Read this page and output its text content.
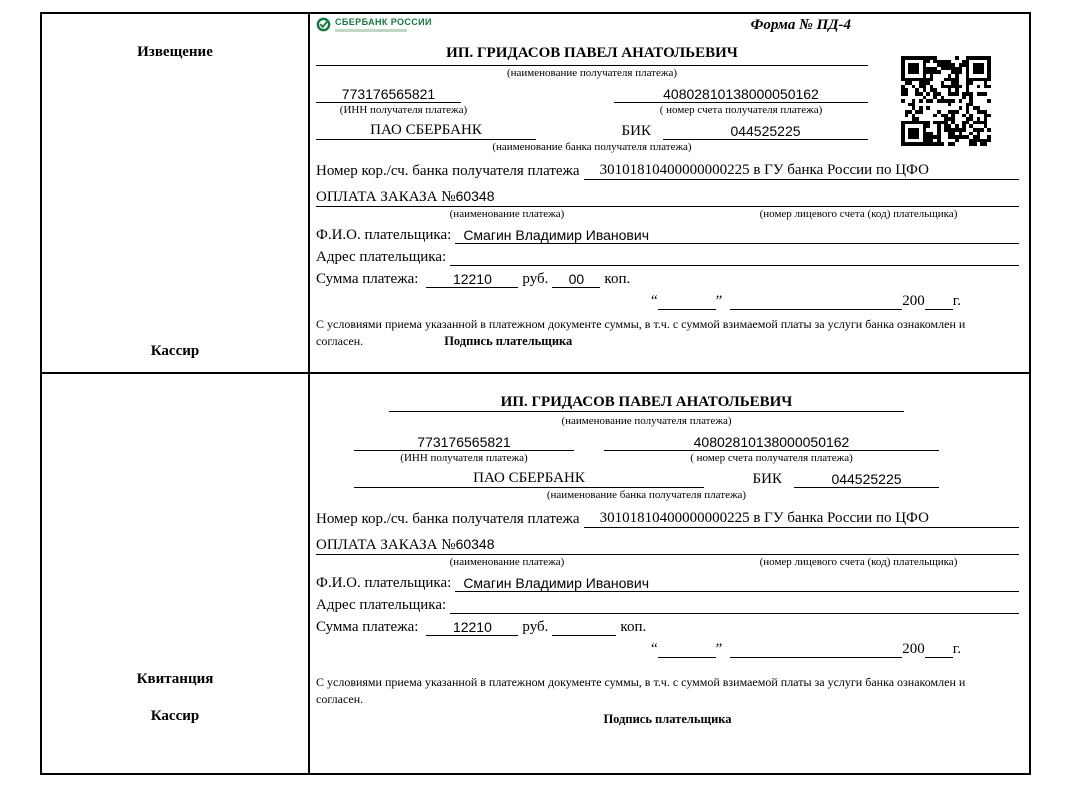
Извещение
Кассир
СБЕРБАНК РОССИИ	Форма № ПД-4
ИП. ГРИДАСОВ ПАВЕЛ АНАТОЛЬЕВИЧ
(наименование получателя платежа)
773176565821	40802810138000050162
(ИНН получателя платежа)	( номер счета получателя платежа)
ПАО СБЕРБАНК	БИК	044525225
(наименование банка получателя платежа)
Номер кор./сч. банка получателя платежа	30101810400000000225 в ГУ банка России по ЦФО
ОПЛАТА ЗАКАЗА №60348
(наименование платежа)	(номер лицевого счета (код) плательщика)
Ф.И.О. плательщика: Смагин Владимир Иванович
Адрес плательщика:
Сумма платежа:	12210	руб.	00	коп.
“	”	200 г.
С условиями приема указанной в платежном документе суммы, в т.ч. с суммой взимаемой платы за услуги банка ознакомлен и согласен.	Подпись плательщика
Квитанция
Кассир
ИП. ГРИДАСОВ ПАВЕЛ АНАТОЛЬЕВИЧ
(наименование получателя платежа)
773176565821	40802810138000050162
(ИНН получателя платежа)	( номер счета получателя платежа)
ПАО СБЕРБАНК	БИК	044525225
(наименование банка получателя платежа)
Номер кор./сч. банка получателя платежа	30101810400000000225 в ГУ банка России по ЦФО
ОПЛАТА ЗАКАЗА №60348
(наименование платежа)	(номер лицевого счета (код) плательщика)
Ф.И.О. плательщика: Смагин Владимир Иванович
Адрес плательщика:
Сумма платежа:	12210	руб.	коп.
“	”	200 г.
С условиями приема указанной в платежном документе суммы, в т.ч. с суммой взимаемой платы за услуги банка ознакомлен и согласен.
Подпись плательщика
